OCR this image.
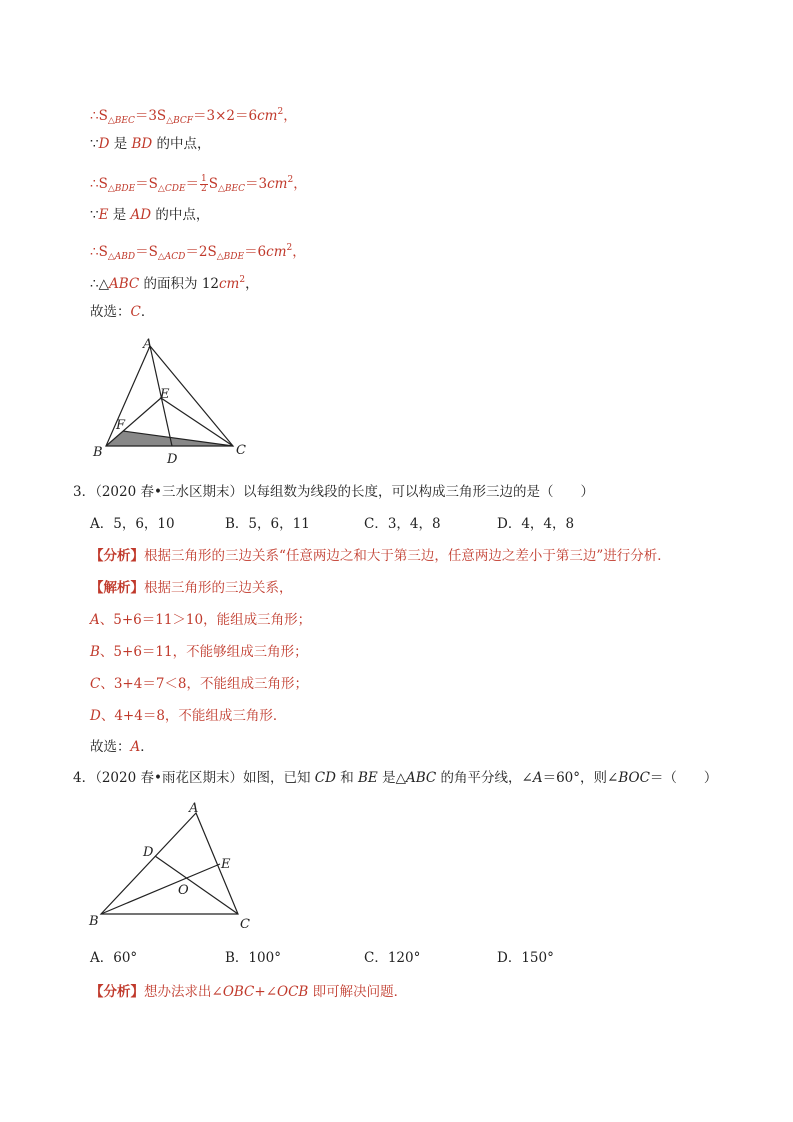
$\therefore S_{\triangle BEC}=3S_{\triangle BCF}=3\times 2=6cm^2$，
∵D 是 BD 的中点，
$\therefore S_{\triangle BDE}=S_{\triangle CDE}= \frac{1}{2} S_{\triangle BEC}=3cm^2$，
∵E 是 AD 的中点，
$\therefore S_{\triangle ABD}=S_{\triangle ACD}=2S_{\triangle BDE}=6cm^2$，
∴△ABC 的面积为 $12cm^2$，
故选：C．
A
E
F
B	D
C
3．（2020 春•三水区期末）以每组数为线段的长度，可以构成三角形三边的是（　　）
A．5，6，10	B．5，6，11	C．3，4，8	D．4，4，8
【分析】根据三角形的三边关系“任意两边之和大于第三边，任意两边之差小于第三边”进行分析．
【解析】根据三角形的三边关系，
A、5+6＝11＞10，能组成三角形；
B、5+6＝11，不能够组成三角形；
C、3+4＝7＜8，不能组成三角形；
D、4+4＝8，不能组成三角形．
故选：A．
4．（2020 春•雨花区期末）如图，已知 CD 和 BE 是△ABC 的角平分线，∠A＝60°，则∠BOC＝（　　）
A
D
E
O
B	C
A．60°	B．100°	C．120°	D．150°
【分析】想办法求出∠OBC+∠OCB 即可解决问题．
